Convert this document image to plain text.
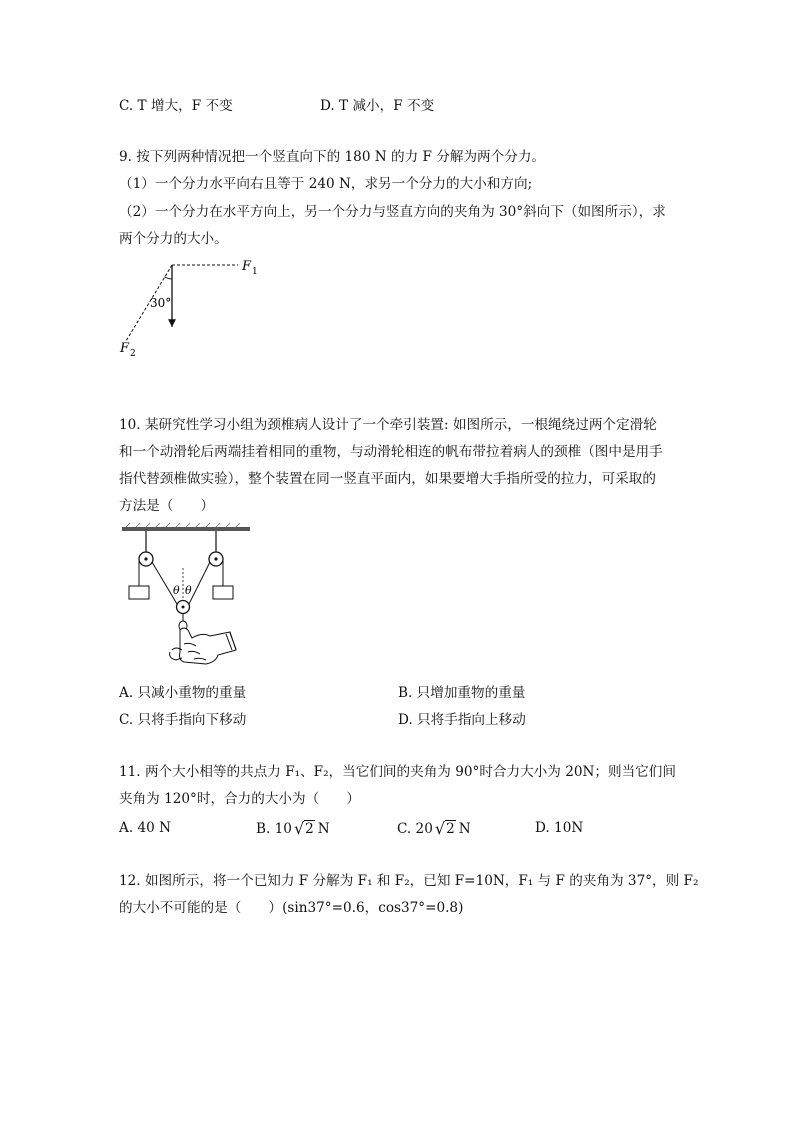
C. T 增大，F 不变	D. T 减小，F 不变
9. 按下列两种情况把一个竖直向下的 180 N 的力 F 分解为两个分力。
（1）一个分力水平向右且等于 240 N，求另一个分力的大小和方向;
（2）一个分力在水平方向上，另一个分力与竖直方向的夹角为 30°斜向下（如图所示），求
两个分力的大小。
30°
F 1
F 2
10. 某研究性学习小组为颈椎病人设计了一个牵引装置: 如图所示，一根绳绕过两个定滑轮
和一个动滑轮后两端挂着相同的重物，与动滑轮相连的帆布带拉着病人的颈椎（图中是用手
指代替颈椎做实验），整个装置在同一竖直平面内，如果要增大手指所受的拉力，可采取的
方法是（　　）
θ θ
A. 只减小重物的重量	B. 只增加重物的重量
C. 只将手指向下移动	D. 只将手指向上移动
11. 两个大小相等的共点力 F₁、F₂，当它们间的夹角为 90°时合力大小为 20N；则当它们间
夹角为 120°时，合力的大小为（　　）
A. 40 N	B. 10 √2 N	C. 20 √2 N	D. 10N
12. 如图所示，将一个已知力 F 分解为 F₁ 和 F₂，已知 F=10N，F₁ 与 F 的夹角为 37°，则 F₂
的大小不可能的是（　　）(sin37°=0.6，cos37°=0.8)
